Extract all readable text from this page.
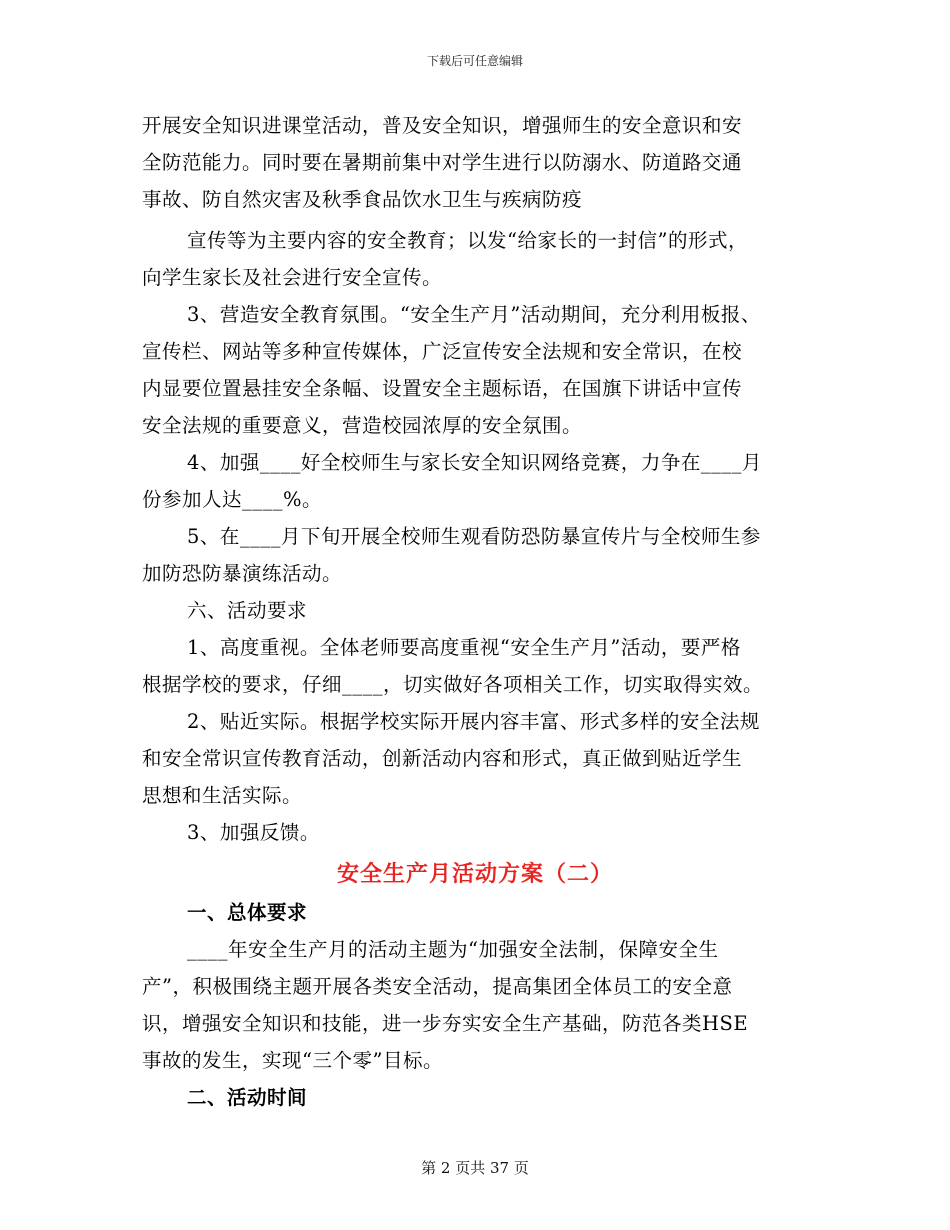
下载后可任意编辑
开展安全知识进课堂活动，普及安全知识，增强师生的安全意识和安
全防范能力。同时要在暑期前集中对学生进行以防溺水、防道路交通
事故、防自然灾害及秋季食品饮水卫生与疾病防疫
宣传等为主要内容的安全教育；以发“给家长的一封信”的形式，
向学生家长及社会进行安全宣传。
3、营造安全教育氛围。“安全生产月”活动期间，充分利用板报、
宣传栏、网站等多种宣传媒体，广泛宣传安全法规和安全常识，在校
内显要位置悬挂安全条幅、设置安全主题标语，在国旗下讲话中宣传
安全法规的重要意义，营造校园浓厚的安全氛围。
4、加强____好全校师生与家长安全知识网络竞赛，力争在____月
份参加人达____%。
5、在____月下旬开展全校师生观看防恐防暴宣传片与全校师生参
加防恐防暴演练活动。
六、活动要求
1、高度重视。全体老师要高度重视“安全生产月”活动，要严格
根据学校的要求，仔细____，切实做好各项相关工作，切实取得实效。
2、贴近实际。根据学校实际开展内容丰富、形式多样的安全法规
和安全常识宣传教育活动，创新活动内容和形式，真正做到贴近学生
思想和生活实际。
3、加强反馈。
安全生产月活动方案（二）
一、总体要求
____年安全生产月的活动主题为“加强安全法制，保障安全生
产”，积极围绕主题开展各类安全活动，提高集团全体员工的安全意
识，增强安全知识和技能，进一步夯实安全生产基础，防范各类HSE
事故的发生，实现“三个零”目标。
二、活动时间
第 2 页共 37 页
